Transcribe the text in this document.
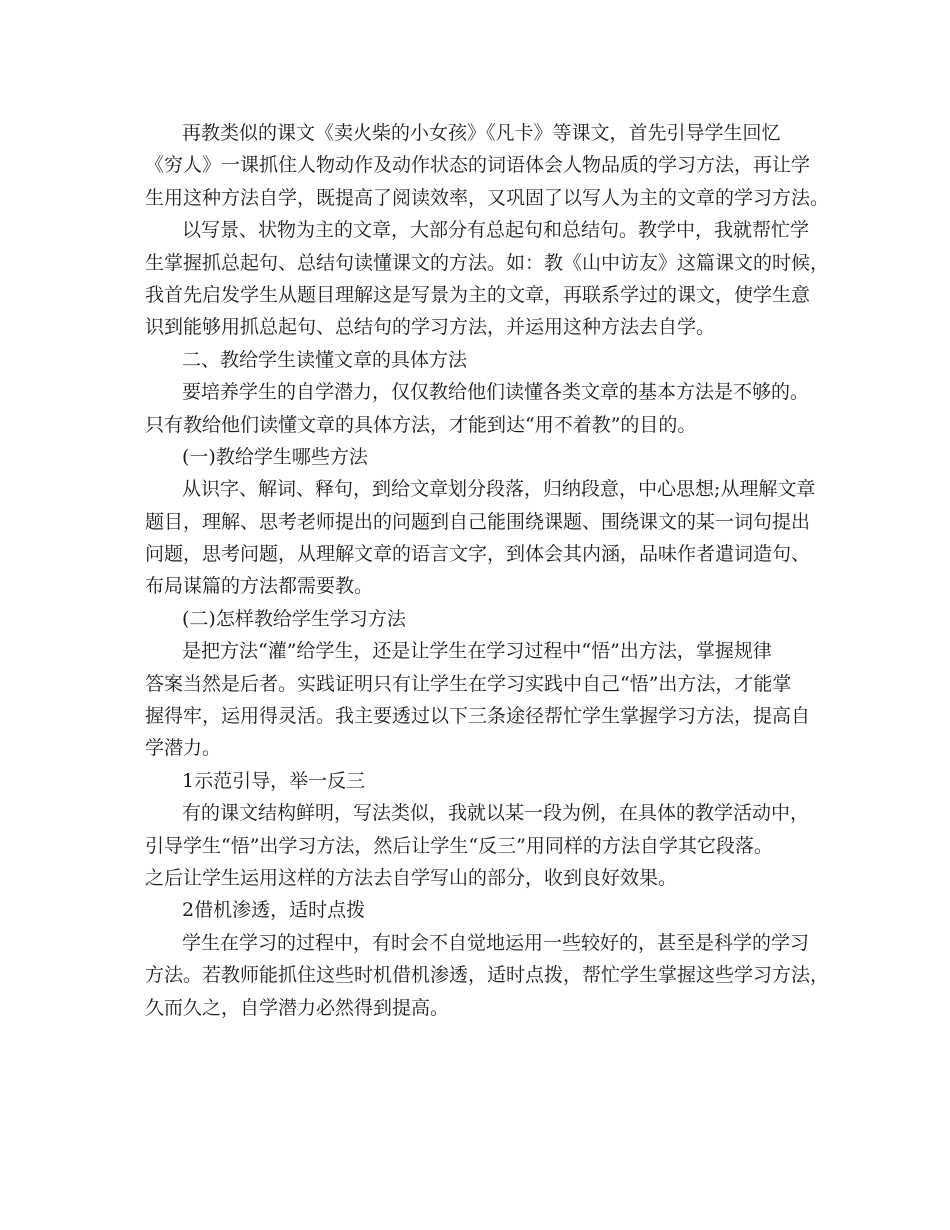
再教类似的课文《卖火柴的小女孩》《凡卡》等课文，首先引导学生回忆
《穷人》一课抓住人物动作及动作状态的词语体会人物品质的学习方法，再让学
生用这种方法自学，既提高了阅读效率，又巩固了以写人为主的文章的学习方法。
以写景、状物为主的文章，大部分有总起句和总结句。教学中，我就帮忙学
生掌握抓总起句、总结句读懂课文的方法。如：教《山中访友》这篇课文的时候，
我首先启发学生从题目理解这是写景为主的文章，再联系学过的课文，使学生意
识到能够用抓总起句、总结句的学习方法，并运用这种方法去自学。
二、教给学生读懂文章的具体方法
要培养学生的自学潜力，仅仅教给他们读懂各类文章的基本方法是不够的。
只有教给他们读懂文章的具体方法，才能到达“用不着教”的目的。
(一)教给学生哪些方法
从识字、解词、释句，到给文章划分段落，归纳段意，中心思想;从理解文章
题目，理解、思考老师提出的问题到自己能围绕课题、围绕课文的某一词句提出
问题，思考问题，从理解文章的语言文字，到体会其内涵，品味作者遣词造句、
布局谋篇的方法都需要教。
(二)怎样教给学生学习方法
是把方法“灌”给学生，还是让学生在学习过程中“悟”出方法，掌握规律
答案当然是后者。实践证明只有让学生在学习实践中自己“悟”出方法，才能掌
握得牢，运用得灵活。我主要透过以下三条途径帮忙学生掌握学习方法，提高自
学潜力。
1示范引导，举一反三
有的课文结构鲜明，写法类似，我就以某一段为例，在具体的教学活动中，
引导学生“悟”出学习方法，然后让学生“反三”用同样的方法自学其它段落。
之后让学生运用这样的方法去自学写山的部分，收到良好效果。
2借机渗透，适时点拨
学生在学习的过程中，有时会不自觉地运用一些较好的，甚至是科学的学习
方法。若教师能抓住这些时机借机渗透，适时点拨，帮忙学生掌握这些学习方法，
久而久之，自学潜力必然得到提高。
